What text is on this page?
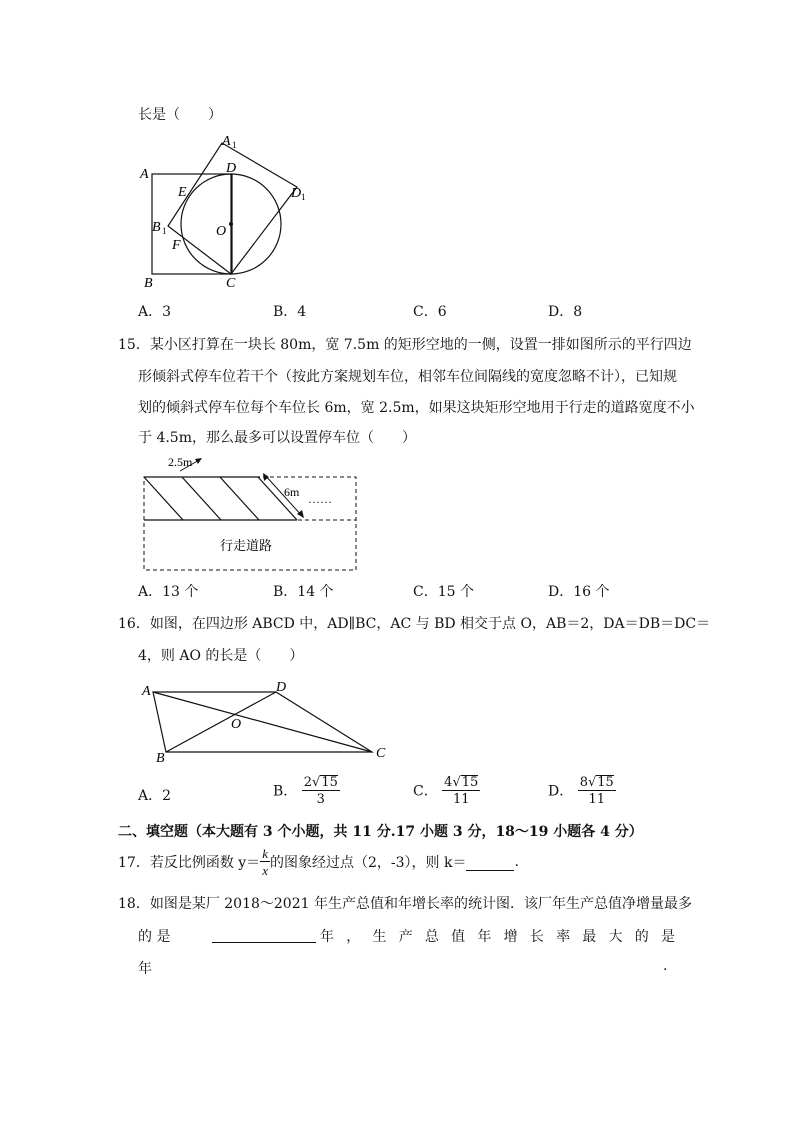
长是（　　）
A 1
A	D
D 1
E
B 1	O
F
B	C
A．3	B．4	C．6	D．8
15．某小区打算在一块长 80m，宽 7.5m 的矩形空地的一侧，设置一排如图所示的平行四边
形倾斜式停车位若干个（按此方案规划车位，相邻车位间隔线的宽度忽略不计），已知规
划的倾斜式停车位每个车位长 6m，宽 2.5m，如果这块矩形空地用于行走的道路宽度不小
于 4.5m，那么最多可以设置停车位（　　）
2.5m
6m ……
行走道路
A．13 个	B．14 个	C．15 个	D．16 个
16．如图，在四边形 ABCD 中，AD∥BC，AC 与 BD 相交于点 O，AB＝2，DA＝DB＝DC＝
4，则 AO 的长是（　　）
A	D
O
B	C
A．2	B． $\frac{2√15}{3}$	C． $\frac{4√15}{11}$	D． $\frac{8√15}{11}$
二、填空题（本大题有 3 个小题，共 11 分.17 小题 3 分，18～19 小题各 4 分）
17．若反比例函数 $y= \frac{k}{x}$ 的图象经过点（2，-3），则 k＝	.
18．如图是某厂 2018～2021 年生产总值和年增长率的统计图．该厂年生产总值净增量最多
的 是	年 ， 生 产 总 值 年 增 长 率 最 大 的 是
年	.
